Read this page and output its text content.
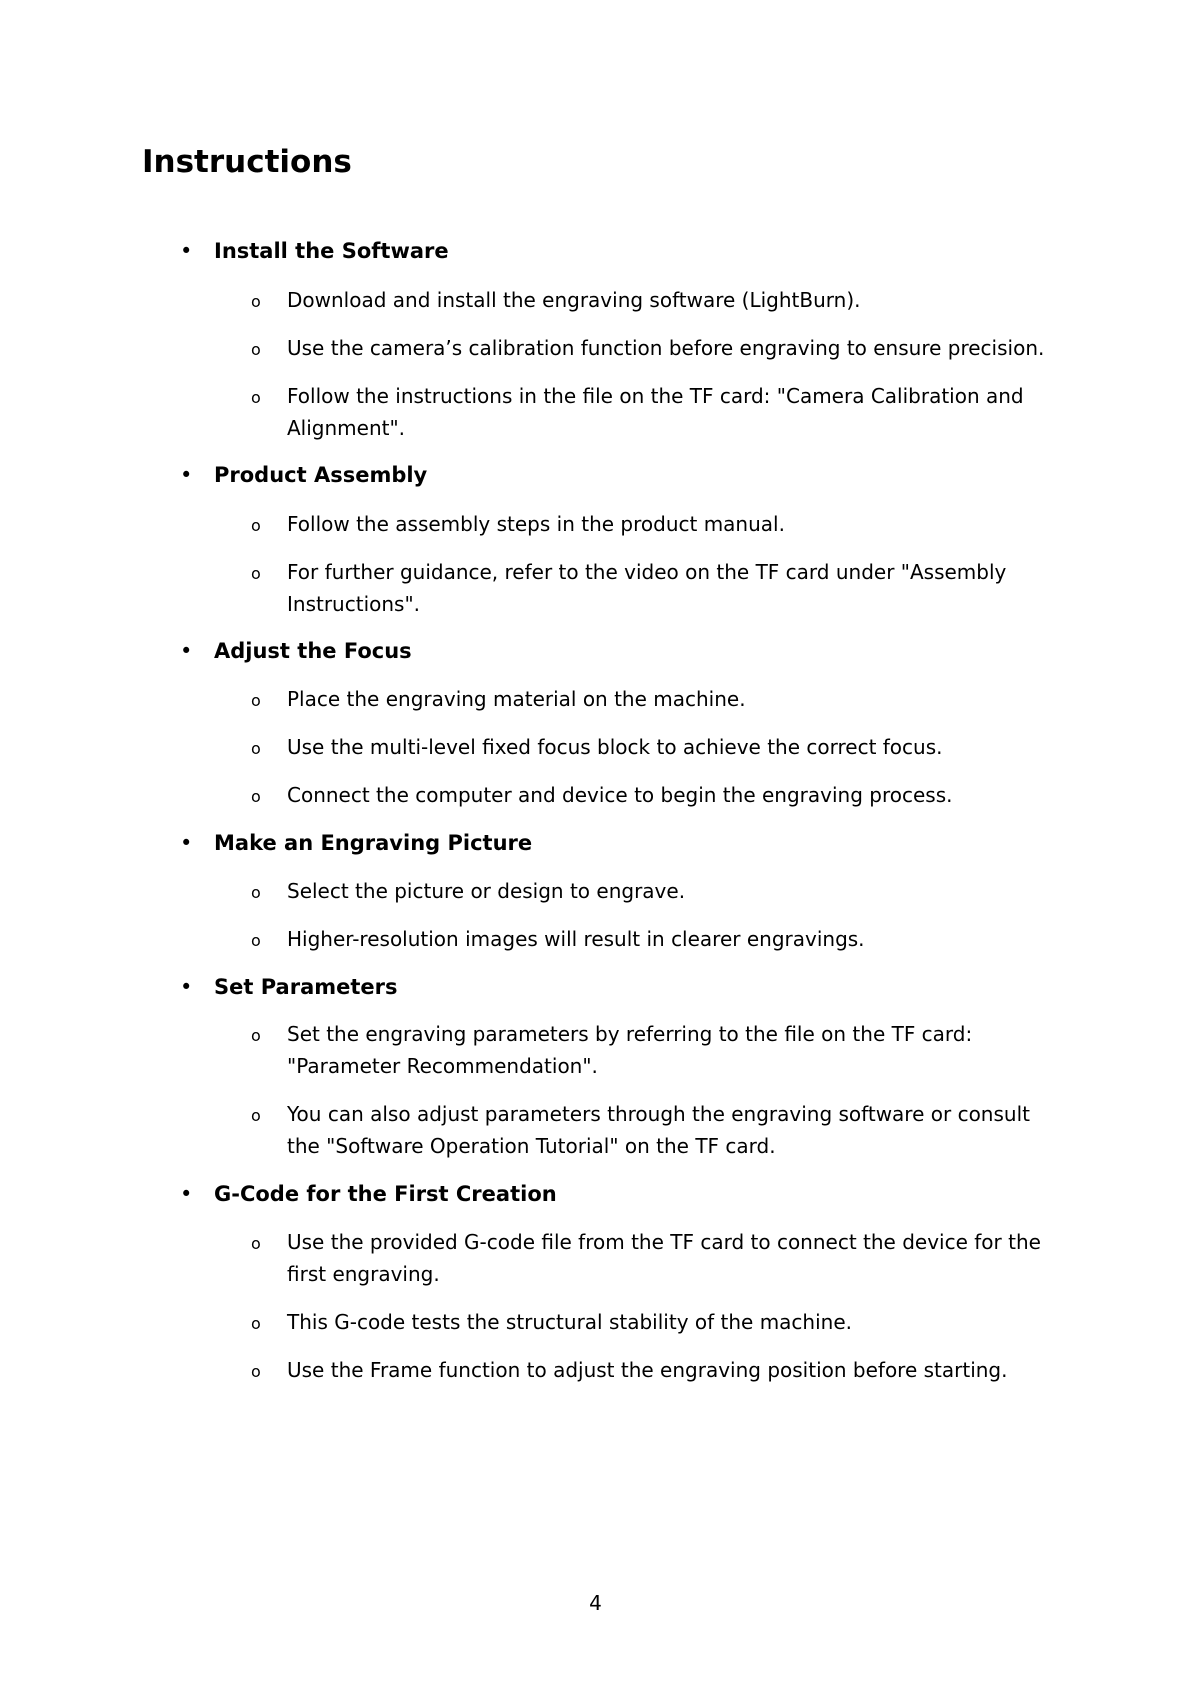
Instructions
• Install the Software
o Download and install the engraving software (LightBurn).
o Use the camera’s calibration function before engraving to ensure precision.
o Follow the instructions in the file on the TF card: "Camera Calibration and Alignment".
• Product Assembly
o Follow the assembly steps in the product manual.
o For further guidance, refer to the video on the TF card under "Assembly Instructions".
• Adjust the Focus
o Place the engraving material on the machine.
o Use the multi-level fixed focus block to achieve the correct focus.
o Connect the computer and device to begin the engraving process.
• Make an Engraving Picture
o Select the picture or design to engrave.
o Higher-resolution images will result in clearer engravings.
• Set Parameters
o Set the engraving parameters by referring to the file on the TF card: "Parameter Recommendation".
o You can also adjust parameters through the engraving software or consult the "Software Operation Tutorial" on the TF card.
• G-Code for the First Creation
o Use the provided G-code file from the TF card to connect the device for the first engraving.
o This G-code tests the structural stability of the machine.
o Use the Frame function to adjust the engraving position before starting.
4
